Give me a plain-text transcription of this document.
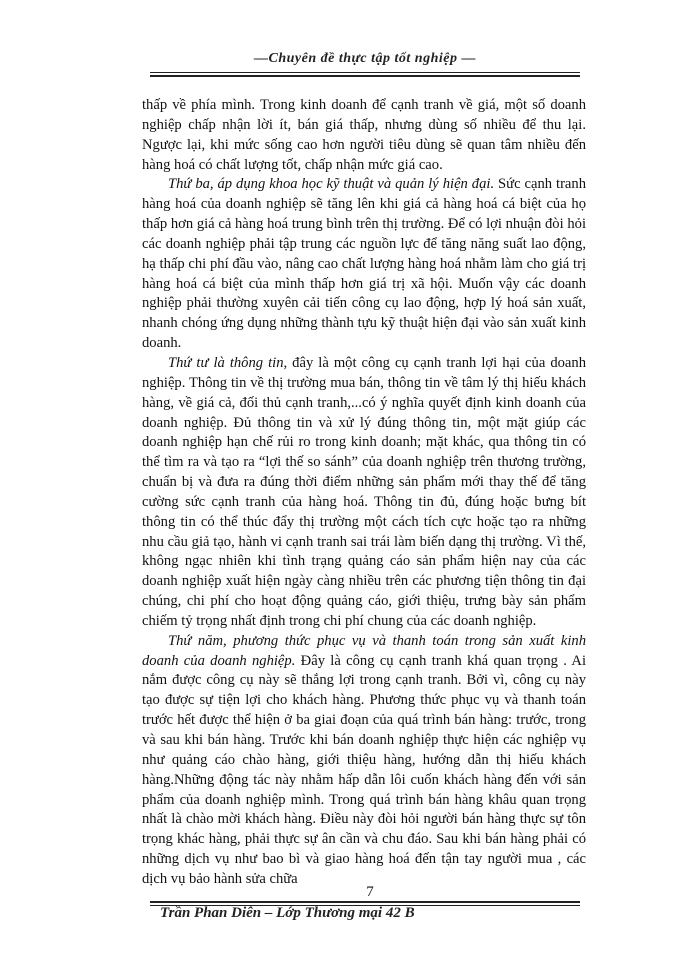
—Chuyên đề thực tập tốt nghiệp —

thấp về phía mình. Trong kinh doanh để cạnh tranh về giá, một số doanh nghiệp chấp nhận lời ít, bán giá thấp, nhưng dùng số nhiều để thu lại. Ngược lại, khi mức sống cao hơn người tiêu dùng sẽ quan tâm nhiều đến hàng hoá có chất lượng tốt, chấp nhận mức giá cao.

Thứ ba, áp dụng khoa học kỹ thuật và quản lý hiện đại. Sức cạnh tranh hàng hoá của doanh nghiệp sẽ tăng lên khi giá cả hàng hoá cá biệt của họ thấp hơn giá cả hàng hoá trung bình trên thị trường. Để có lợi nhuận đòi hỏi các doanh nghiệp phải tập trung các nguồn lực để tăng năng suất lao động, hạ thấp chi phí đầu vào, nâng cao chất lượng hàng hoá nhằm làm cho giá trị hàng hoá cá biệt của mình thấp hơn giá trị xã hội. Muốn vậy các doanh nghiệp phải thường xuyên cải tiến công cụ lao động, hợp lý hoá sản xuất, nhanh chóng ứng dụng những thành tựu kỹ thuật hiện đại vào sản xuất kinh doanh.

Thứ tư là thông tin, đây là một công cụ cạnh tranh lợi hại của doanh nghiệp. Thông tin về thị trường mua bán, thông tin về tâm lý thị hiếu khách hàng, về giá cả, đối thủ cạnh tranh,...có ý nghĩa quyết định kinh doanh của doanh nghiệp. Đủ thông tin và xử lý đúng thông tin, một mặt giúp các doanh nghiệp hạn chế rủi ro trong kinh doanh; mặt khác, qua thông tin có thể tìm ra và tạo ra “lợi thế so sánh” của doanh nghiệp trên thương trường, chuẩn bị và đưa ra đúng thời điểm những sản phẩm mới thay thế để tăng cường sức cạnh tranh của hàng hoá. Thông tin đủ, đúng hoặc bưng bít thông tin có thể thúc đẩy thị trường một cách tích cực hoặc tạo ra những nhu cầu giả tạo, hành vi cạnh tranh sai trái làm biến dạng thị trường. Vì thế, không ngạc nhiên khi tình trạng quảng cáo sản phẩm hiện nay của các doanh nghiệp xuất hiện ngày càng nhiều trên các phương tiện thông tin đại chúng, chi phí cho hoạt động quảng cáo, giới thiệu, trưng bày sản phẩm chiếm tỷ trọng nhất định trong chi phí chung của các doanh nghiệp.

Thứ năm, phương thức phục vụ và thanh toán trong sản xuất kinh doanh của doanh nghiệp. Đây là công cụ cạnh tranh khá quan trọng . Ai nắm được công cụ này sẽ thắng lợi trong cạnh tranh. Bởi vì, công cụ này tạo được sự tiện lợi cho khách hàng. Phương thức phục vụ và thanh toán trước hết được thể hiện ở ba giai đoạn của quá trình bán hàng: trước, trong và sau khi bán hàng. Trước khi bán doanh nghiệp thực hiện các nghiệp vụ như quảng cáo chào hàng, giới thiệu hàng, hướng dẫn thị hiếu khách hàng.Những động tác này nhằm hấp dẫn lôi cuốn khách hàng đến với sản phẩm của doanh nghiệp mình. Trong quá trình bán hàng khâu quan trọng nhất là chào mời khách hàng. Điều này đòi hỏi người bán hàng thực sự tôn trọng khác hàng, phải thực sự ân cần và chu đáo. Sau khi bán hàng phải có những dịch vụ như bao bì và giao hàng hoá đến tận tay người mua , các dịch vụ bảo hành sửa chữa

7
Trần Phan Diên – Lớp Thương mại 42 B
